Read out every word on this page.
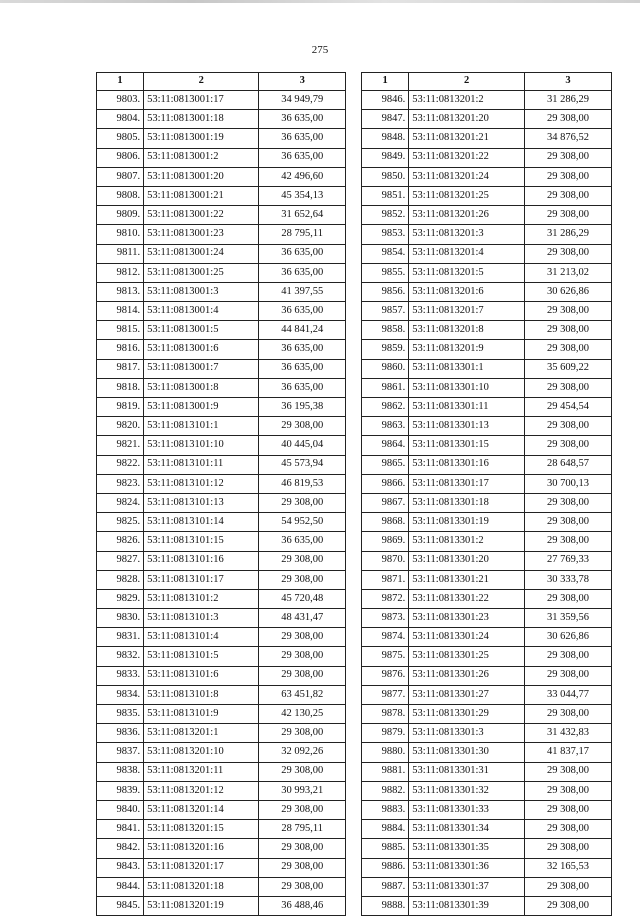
275
1	2	3
9803.	53:11:0813001:17	34 949,79
9804.	53:11:0813001:18	36 635,00
9805.	53:11:0813001:19	36 635,00
9806.	53:11:0813001:2	36 635,00
9807.	53:11:0813001:20	42 496,60
9808.	53:11:0813001:21	45 354,13
9809.	53:11:0813001:22	31 652,64
9810.	53:11:0813001:23	28 795,11
9811.	53:11:0813001:24	36 635,00
9812.	53:11:0813001:25	36 635,00
9813.	53:11:0813001:3	41 397,55
9814.	53:11:0813001:4	36 635,00
9815.	53:11:0813001:5	44 841,24
9816.	53:11:0813001:6	36 635,00
9817.	53:11:0813001:7	36 635,00
9818.	53:11:0813001:8	36 635,00
9819.	53:11:0813001:9	36 195,38
9820.	53:11:0813101:1	29 308,00
9821.	53:11:0813101:10	40 445,04
9822.	53:11:0813101:11	45 573,94
9823.	53:11:0813101:12	46 819,53
9824.	53:11:0813101:13	29 308,00
9825.	53:11:0813101:14	54 952,50
9826.	53:11:0813101:15	36 635,00
9827.	53:11:0813101:16	29 308,00
9828.	53:11:0813101:17	29 308,00
9829.	53:11:0813101:2	45 720,48
9830.	53:11:0813101:3	48 431,47
9831.	53:11:0813101:4	29 308,00
9832.	53:11:0813101:5	29 308,00
9833.	53:11:0813101:6	29 308,00
9834.	53:11:0813101:8	63 451,82
9835.	53:11:0813101:9	42 130,25
9836.	53:11:0813201:1	29 308,00
9837.	53:11:0813201:10	32 092,26
9838.	53:11:0813201:11	29 308,00
9839.	53:11:0813201:12	30 993,21
9840.	53:11:0813201:14	29 308,00
9841.	53:11:0813201:15	28 795,11
9842.	53:11:0813201:16	29 308,00
9843.	53:11:0813201:17	29 308,00
9844.	53:11:0813201:18	29 308,00
9845.	53:11:0813201:19	36 488,46
1	2	3
9846.	53:11:0813201:2	31 286,29
9847.	53:11:0813201:20	29 308,00
9848.	53:11:0813201:21	34 876,52
9849.	53:11:0813201:22	29 308,00
9850.	53:11:0813201:24	29 308,00
9851.	53:11:0813201:25	29 308,00
9852.	53:11:0813201:26	29 308,00
9853.	53:11:0813201:3	31 286,29
9854.	53:11:0813201:4	29 308,00
9855.	53:11:0813201:5	31 213,02
9856.	53:11:0813201:6	30 626,86
9857.	53:11:0813201:7	29 308,00
9858.	53:11:0813201:8	29 308,00
9859.	53:11:0813201:9	29 308,00
9860.	53:11:0813301:1	35 609,22
9861.	53:11:0813301:10	29 308,00
9862.	53:11:0813301:11	29 454,54
9863.	53:11:0813301:13	29 308,00
9864.	53:11:0813301:15	29 308,00
9865.	53:11:0813301:16	28 648,57
9866.	53:11:0813301:17	30 700,13
9867.	53:11:0813301:18	29 308,00
9868.	53:11:0813301:19	29 308,00
9869.	53:11:0813301:2	29 308,00
9870.	53:11:0813301:20	27 769,33
9871.	53:11:0813301:21	30 333,78
9872.	53:11:0813301:22	29 308,00
9873.	53:11:0813301:23	31 359,56
9874.	53:11:0813301:24	30 626,86
9875.	53:11:0813301:25	29 308,00
9876.	53:11:0813301:26	29 308,00
9877.	53:11:0813301:27	33 044,77
9878.	53:11:0813301:29	29 308,00
9879.	53:11:0813301:3	31 432,83
9880.	53:11:0813301:30	41 837,17
9881.	53:11:0813301:31	29 308,00
9882.	53:11:0813301:32	29 308,00
9883.	53:11:0813301:33	29 308,00
9884.	53:11:0813301:34	29 308,00
9885.	53:11:0813301:35	29 308,00
9886.	53:11:0813301:36	32 165,53
9887.	53:11:0813301:37	29 308,00
9888.	53:11:0813301:39	29 308,00
